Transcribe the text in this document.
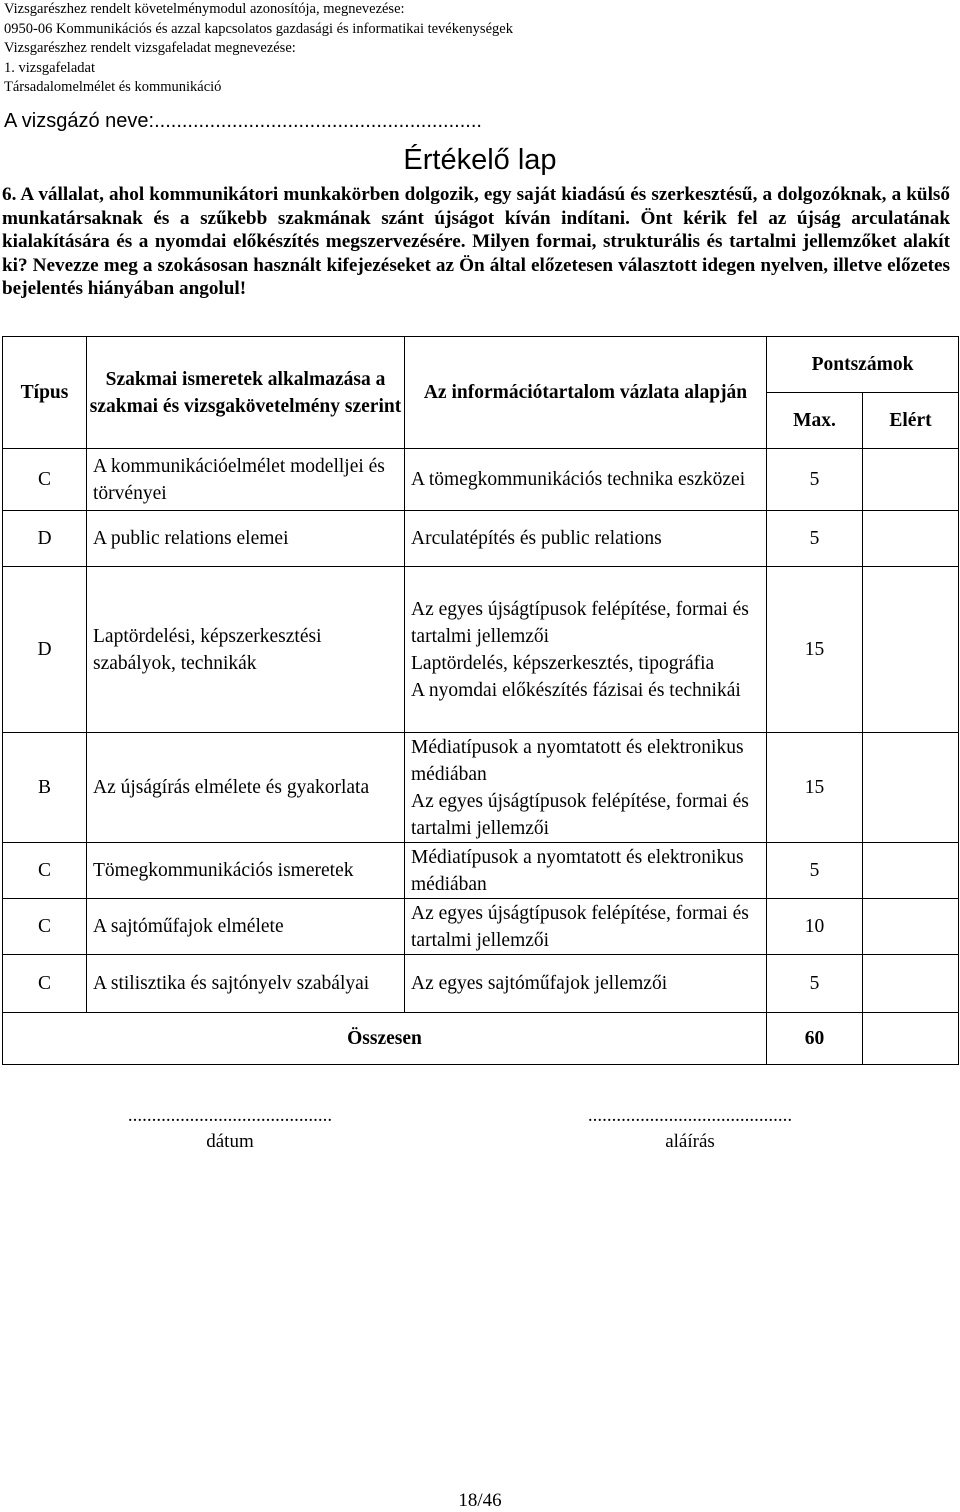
Vizsgarészhez rendelt követelménymodul azonosítója, megnevezése:
0950-06 Kommunikációs és azzal kapcsolatos gazdasági és informatikai tevékenységek
Vizsgarészhez rendelt vizsgafeladat megnevezése:
1. vizsgafeladat
Társadalomelmélet és kommunikáció
A vizsgázó neve:...........................................................
Értékelő lap
6. A vállalat, ahol kommunikátori munkakörben dolgozik, egy saját kiadású és szerkesztésű, a dolgozóknak, a külső munkatársaknak és a szűkebb szakmának szánt újságot kíván indítani. Önt kérik fel az újság arculatának kialakítására és a nyomdai előkészítés megszervezésére. Milyen formai, strukturális és tartalmi jellemzőket alakít ki? Nevezze meg a szokásosan használt kifejezéseket az Ön által előzetesen választott idegen nyelven, illetve előzetes bejelentés hiányában angolul!
Típus	Szakmai ismeretek alkalmazása a szakmai és vizsgakövetelmény szerint	Az információtartalom vázlata alapján	Pontszámok	
			Max.	Elért
C	A kommunikációelmélet modelljei és törvényei	A tömegkommunikációs technika eszközei	5	
D	A public relations elemei	Arculatépítés és public relations	5	
D	Laptördelési, képszerkesztési szabályok, technikák	Az egyes újságtípusok felépítése, formai és tartalmi jellemzői
Laptördelés, képszerkesztés, tipográfia
A nyomdai előkészítés fázisai és technikái	15	
B	Az újságírás elmélete és gyakorlata	Médiatípusok a nyomtatott és elektronikus médiában
Az egyes újságtípusok felépítése, formai és tartalmi jellemzői	15	
C	Tömegkommunikációs ismeretek	Médiatípusok a nyomtatott és elektronikus médiában	5	
C	A sajtóműfajok elmélete	Az egyes újságtípusok felépítése, formai és tartalmi jellemzői	10	
C	A stilisztika és sajtónyelv szabályai	Az egyes sajtóműfajok jellemzői	5	
Összesen			60	
...........................................
dátum
...........................................
aláírás
18/46
